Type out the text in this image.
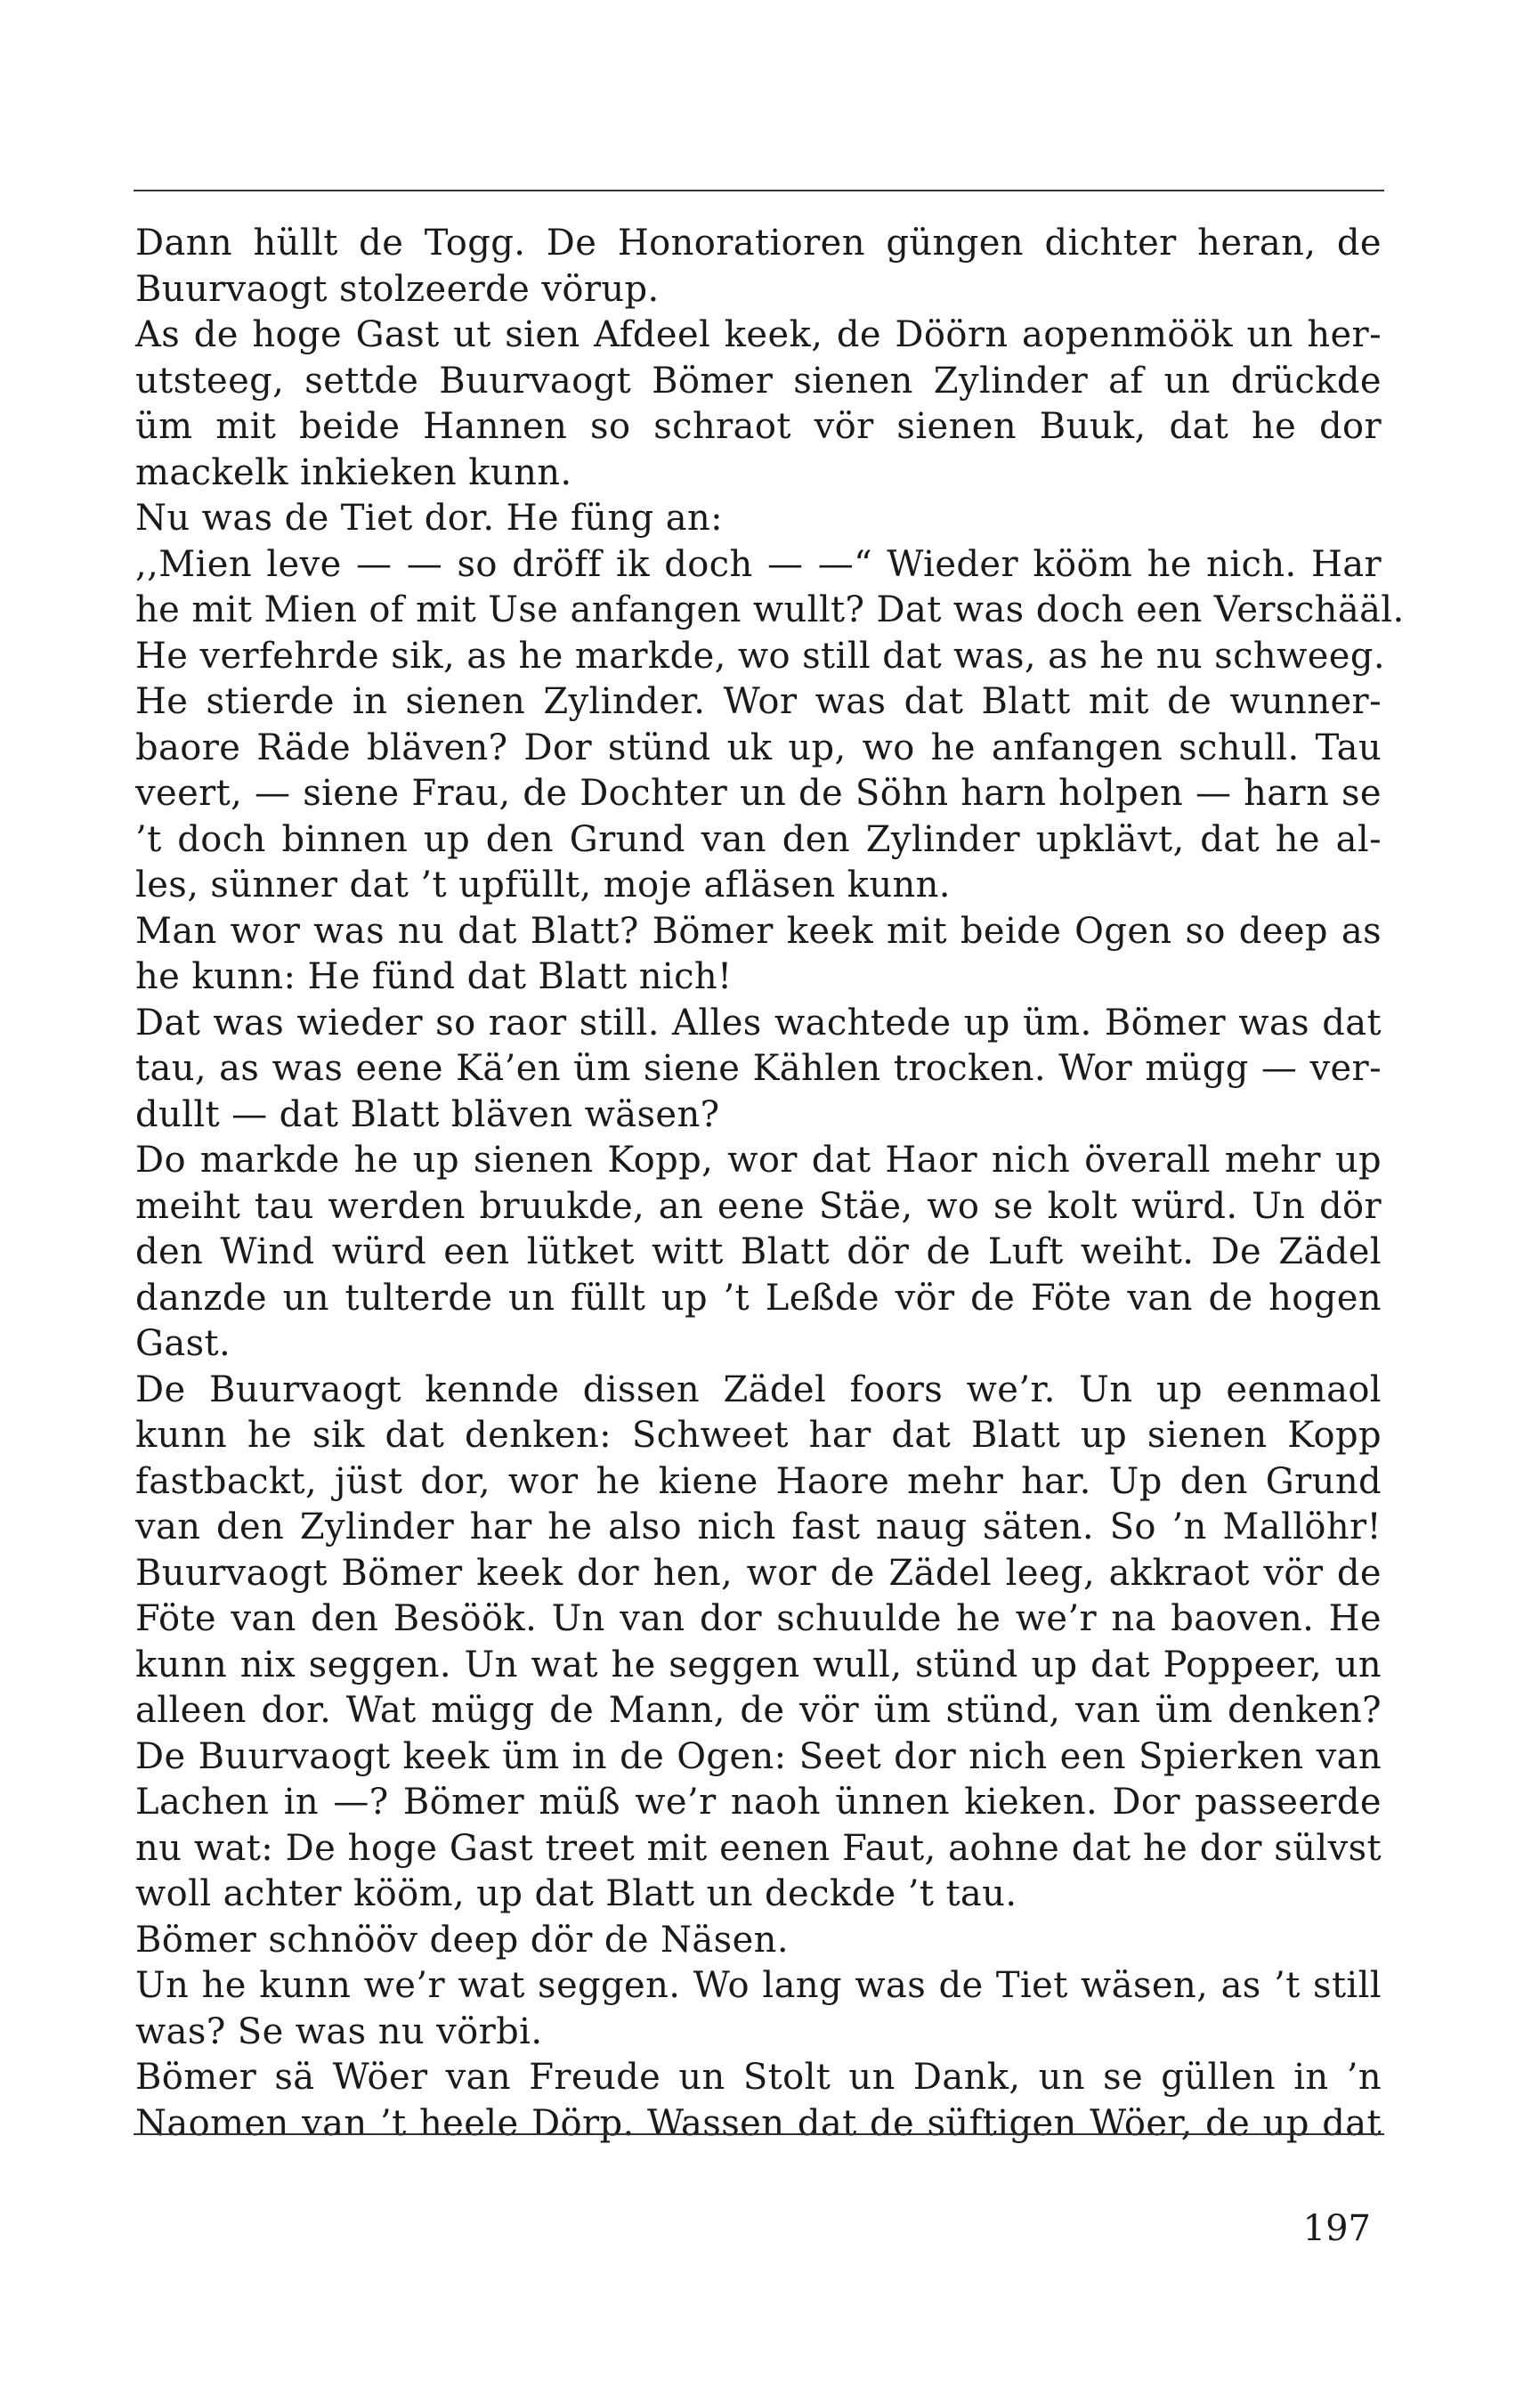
Dann hüllt de Togg. De Honoratioren güngen dichter heran, de
Buurvaogt stolzeerde vörup.
As de hoge Gast ut sien Afdeel keek, de Döörn aopenmöök un her-
utsteeg, settde Buurvaogt Bömer sienen Zylinder af un drückde
üm mit beide Hannen so schraot vör sienen Buuk, dat he dor
mackelk inkieken kunn.
Nu was de Tiet dor. He füng an:
,,Mien leve — — so dröff ik doch — —“ Wieder kööm he nich. Har
he mit Mien of mit Use anfangen wullt? Dat was doch een Verschääl.
He verfehrde sik, as he markde, wo still dat was, as he nu schweeg.
He stierde in sienen Zylinder. Wor was dat Blatt mit de wunner-
baore Räde bläven? Dor stünd uk up, wo he anfangen schull. Tau
veert, — siene Frau, de Dochter un de Söhn harn holpen — harn se
’t doch binnen up den Grund van den Zylinder upklävt, dat he al-
les, sünner dat ’t upfüllt, moje afläsen kunn.
Man wor was nu dat Blatt? Bömer keek mit beide Ogen so deep as
he kunn: He fünd dat Blatt nich!
Dat was wieder so raor still. Alles wachtede up üm. Bömer was dat
tau, as was eene Kä’en üm siene Kählen trocken. Wor mügg — ver-
dullt — dat Blatt bläven wäsen?
Do markde he up sienen Kopp, wor dat Haor nich överall mehr up
meiht tau werden bruukde, an eene Stäe, wo se kolt würd. Un dör
den Wind würd een lütket witt Blatt dör de Luft weiht. De Zädel
danzde un tulterde un füllt up ’t Leßde vör de Föte van de hogen
Gast.
De Buurvaogt kennde dissen Zädel foors we’r. Un up eenmaol
kunn he sik dat denken: Schweet har dat Blatt up sienen Kopp
fastbackt, jüst dor, wor he kiene Haore mehr har. Up den Grund
van den Zylinder har he also nich fast naug säten. So ’n Mallöhr!
Buurvaogt Bömer keek dor hen, wor de Zädel leeg, akkraot vör de
Föte van den Besöök. Un van dor schuulde he we’r na baoven. He
kunn nix seggen. Un wat he seggen wull, stünd up dat Poppeer, un
alleen dor. Wat mügg de Mann, de vör üm stünd, van üm denken?
De Buurvaogt keek üm in de Ogen: Seet dor nich een Spierken van
Lachen in —? Bömer müß we’r naoh ünnen kieken. Dor passeerde
nu wat: De hoge Gast treet mit eenen Faut, aohne dat he dor sülvst
woll achter kööm, up dat Blatt un deckde ’t tau.
Bömer schnööv deep dör de Näsen.
Un he kunn we’r wat seggen. Wo lang was de Tiet wäsen, as ’t still
was? Se was nu vörbi.
Bömer sä Wöer van Freude un Stolt un Dank, un se güllen in ’n
Naomen van ’t heele Dörp. Wassen dat de süftigen Wöer, de up dat
197
